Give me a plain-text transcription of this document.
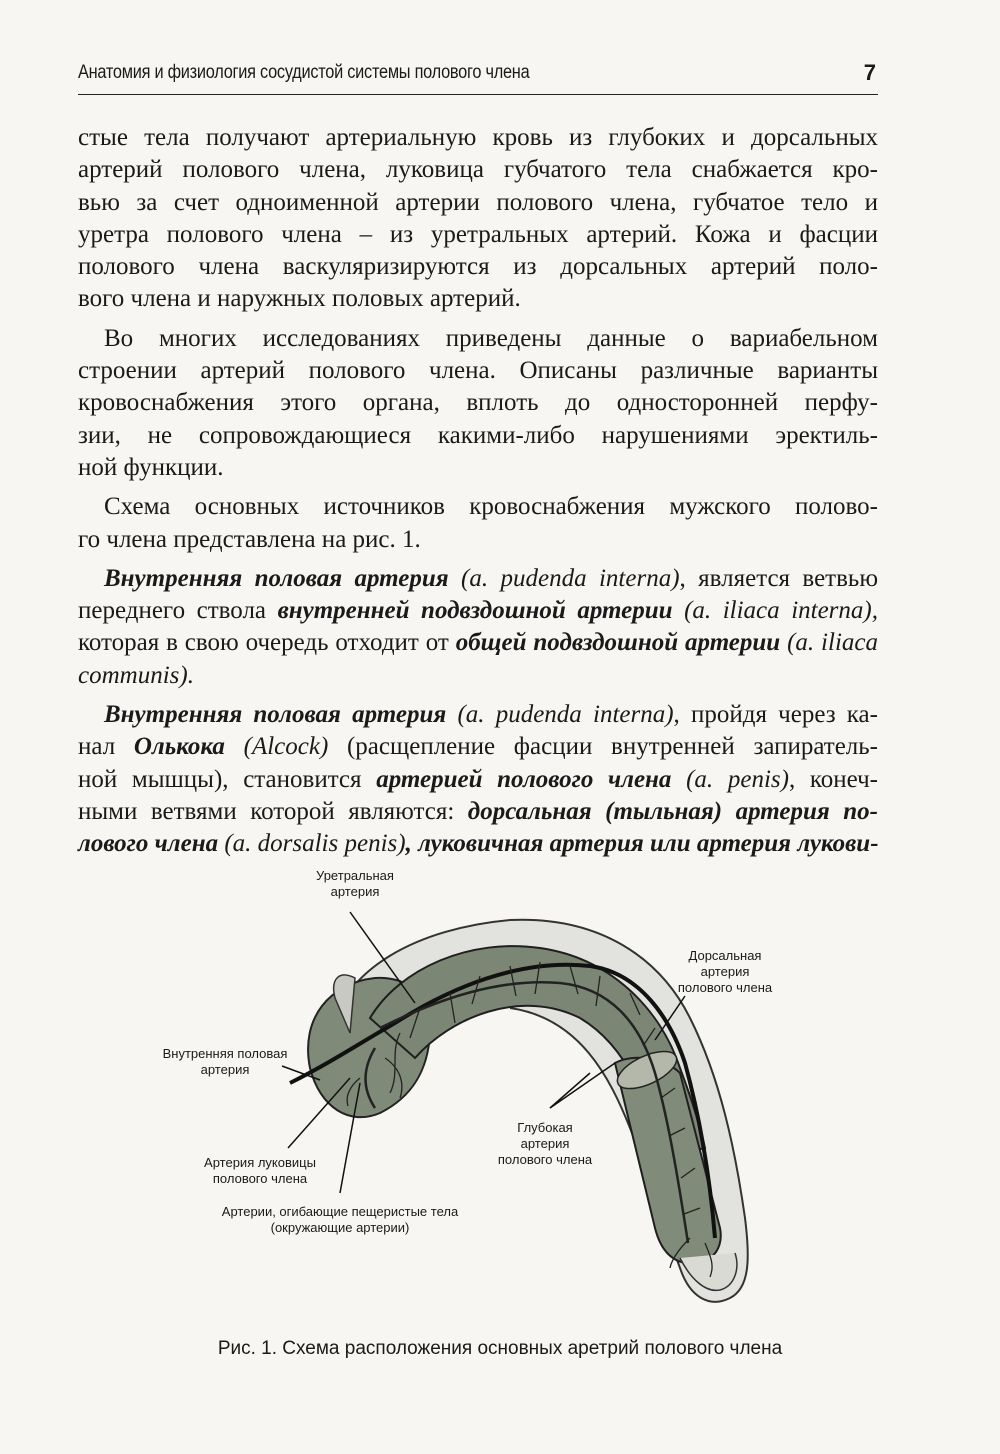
Анатомия и физиология сосудистой системы полового члена	7
стые тела получают артериальную кровь из глубоких и дорсальных
артерий полового члена, луковица губчатого тела снабжается кро-
вью за счет одноименной артерии полового члена, губчатое тело и
уретра полового члена – из уретральных артерий. Кожа и фасции
полового члена васкуляризируются из дорсальных артерий поло-
вого члена и наружных половых артерий.
Во многих исследованиях приведены данные о вариабельном
строении артерий полового члена. Описаны различные варианты
кровоснабжения этого органа, вплоть до односторонней перфу-
зии, не сопровождающиеся какими-либо нарушениями эректиль-
ной функции.
Схема основных источников кровоснабжения мужского полово-
го члена представлена на рис. 1.
Внутренняя половая артерия (a. pudenda interna), является ветвью
переднего ствола внутренней подвздошной артерии (a. iliaca interna),
которая в свою очередь отходит от общей подвздошной артерии (a. iliaca
communis).
Внутренняя половая артерия (a. pudenda interna), пройдя через ка-
нал Олькока (Alcock) (расщепление фасции внутренней запиратель-
ной мышцы), становится артерией полового члена (a. penis), конеч-
ными ветвями которой являются: дорсальная (тыльная) артерия по-
лового члена (a. dorsalis penis), луковичная артерия или артерия лукови-
Уретральная
артерия
Дорсальная
артерия
полового члена
Внутренняя половая
артерия
Глубокая
артерия
полового члена
Артерия луковицы
полового члена
Артерии, огибающие пещеристые тела
(окружающие артерии)
Рис. 1. Схема расположения основных аретрий полового члена
